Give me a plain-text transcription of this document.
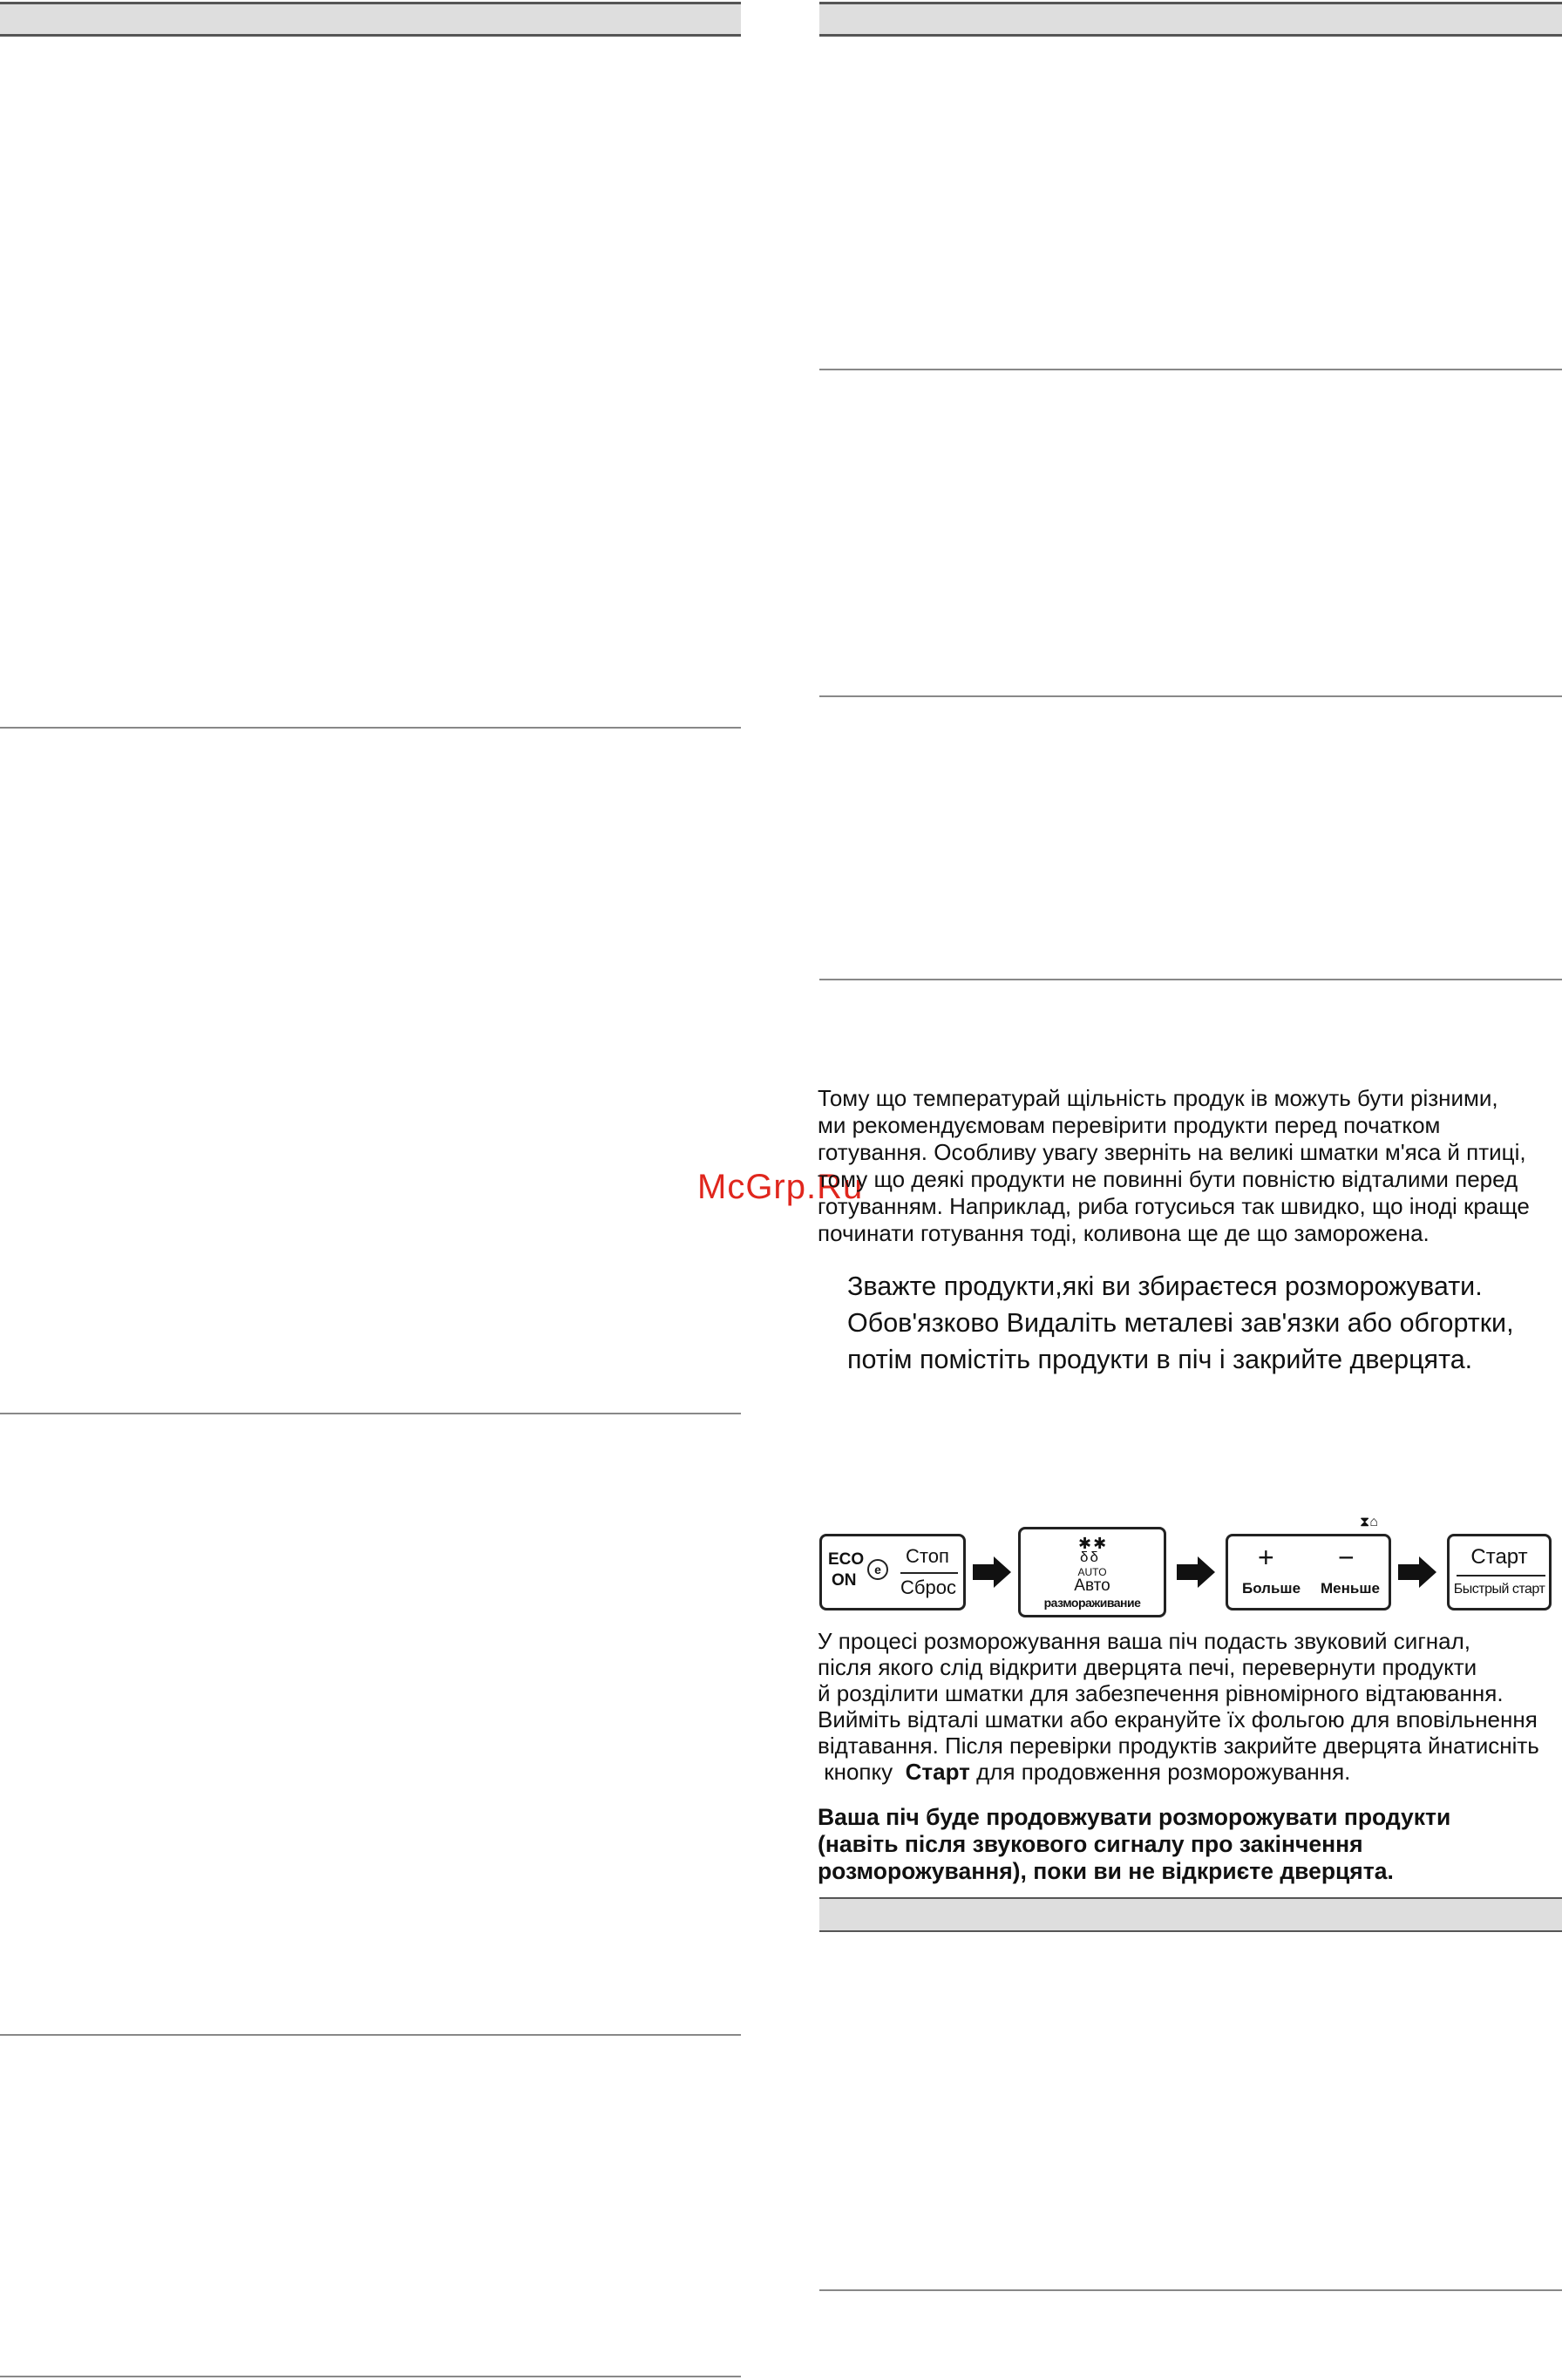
McGrp.Ru
Тому що температурай щільність продук ів можуть бути різними,
ми рекомендуємовам перевірити продукти перед початком
готування. Особливу увагу зверніть на великі шматки м'яса й птиці,
тому що деякі продукти не повинні бути повністю відталими перед
готуванням. Наприклад, риба готусиься так швидко, що іноді краще
починати готування тоді, коливона ще де що заморожена.
Зважте продукти,які ви збираєтеся розморожувати.
Обов'язково Видаліть металеві зав'язки або обгортки,
потім помістіть продукти в піч і закрийте дверцята.
ECO
ON
e
Стоп
Сброс
✱✱
δδ
AUTO
Авто
размораживание
⧗⌂
+
Больше
−
Меньше
Старт
Быстрый старт
У процесі розморожування ваша піч подасть звуковий сигнал,
після якого слід відкрити дверцята печі, перевернути продукти
й розділити шматки для забезпечення рівномірного відтаювання.
Вийміть відталі шматки або екрануйте їх фольгою для вповільнення
відтавання. Після перевірки продуктів закрийте дверцята йнатисніть
кнопку  Старт для продовження розморожування.
Ваша піч буде продовжувати розморожувати продукти
(навіть після звукового сигналу про закінчення
розморожування), поки ви не відкриєте дверцята.
